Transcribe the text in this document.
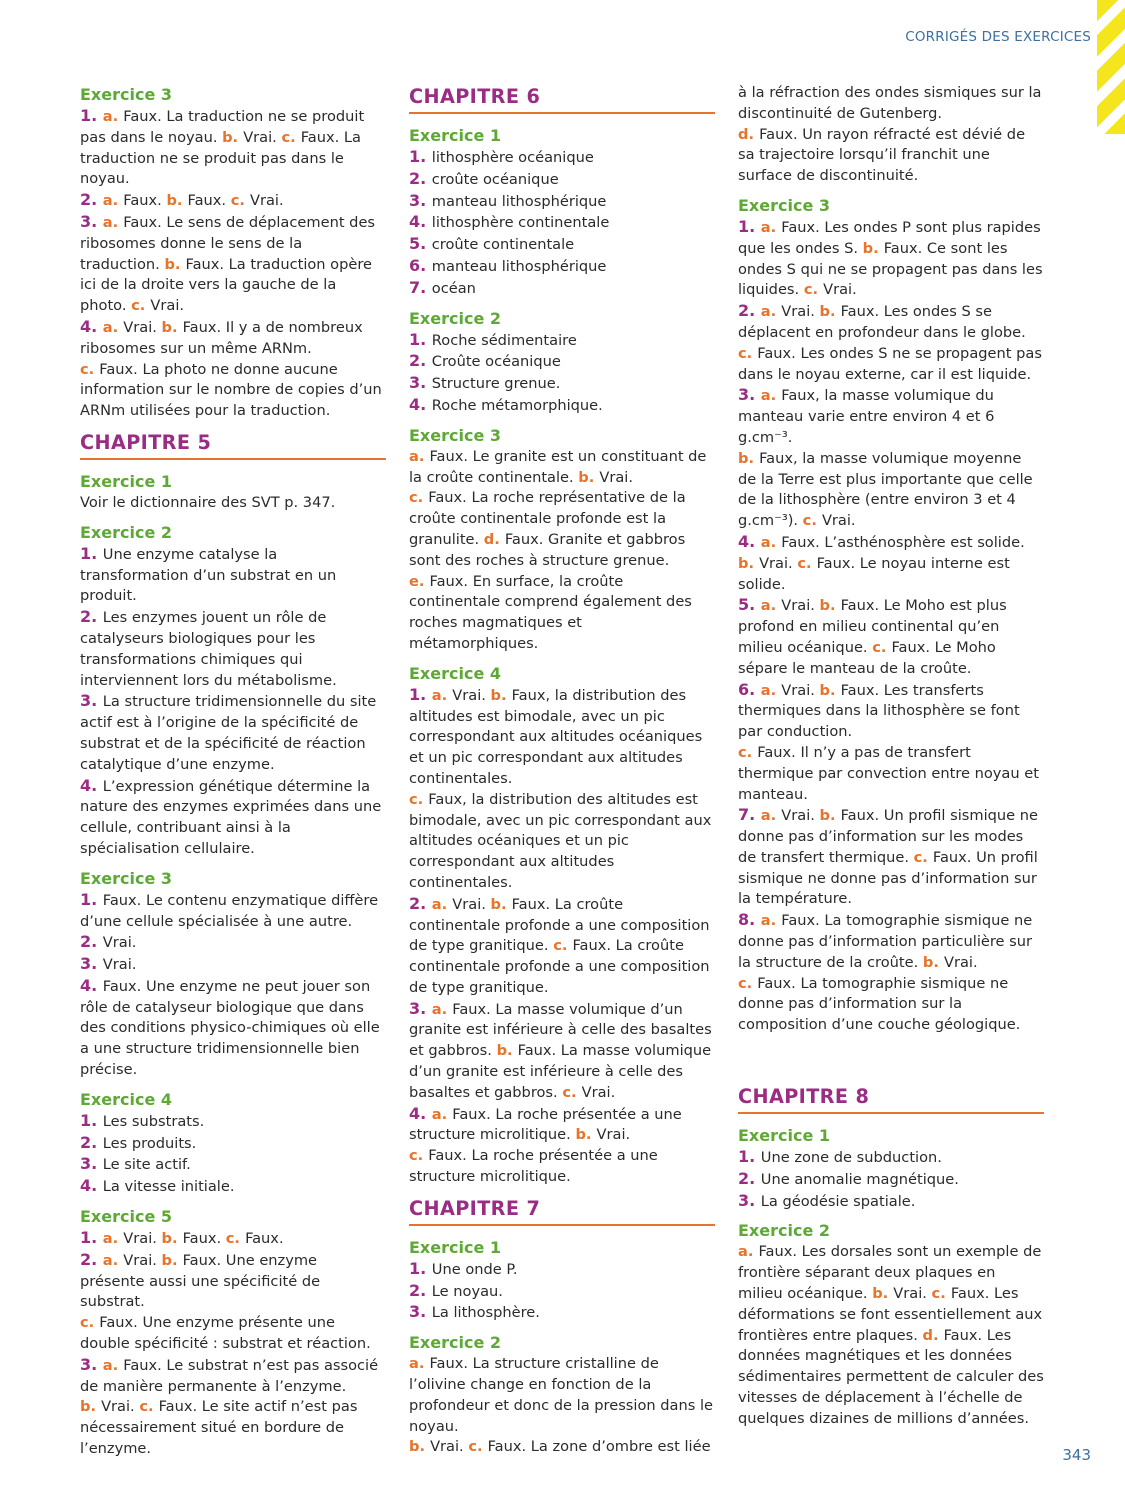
CORRIGÉS DES EXERCICES
Exercice 3
1. a. Faux. La traduction ne se produit pas dans le noyau. b. Vrai. c. Faux. La traduction ne se produit pas dans le noyau.
2. a. Faux. b. Faux. c. Vrai.
3. a. Faux. Le sens de déplacement des ribosomes donne le sens de la traduction. b. Faux. La traduction opère ici de la droite vers la gauche de la photo. c. Vrai.
4. a. Vrai. b. Faux. Il y a de nombreux ribosomes sur un même ARNm.
c. Faux. La photo ne donne aucune information sur le nombre de copies d’un ARNm utilisées pour la traduction.
CHAPITRE 5
Exercice 1
Voir le dictionnaire des SVT p. 347.
Exercice 2
1. Une enzyme catalyse la transformation d’un substrat en un produit.
2. Les enzymes jouent un rôle de catalyseurs biologiques pour les transformations chimiques qui interviennent lors du métabolisme.
3. La structure tridimensionnelle du site actif est à l’origine de la spécificité de substrat et de la spécificité de réaction catalytique d’une enzyme.
4. L’expression génétique détermine la nature des enzymes exprimées dans une cellule, contribuant ainsi à la spécialisation cellulaire.
Exercice 3
1. Faux. Le contenu enzymatique diffère d’une cellule spécialisée à une autre.
2. Vrai.
3. Vrai.
4. Faux. Une enzyme ne peut jouer son rôle de catalyseur biologique que dans des conditions physico-chimiques où elle a une structure tridimensionnelle bien précise.
Exercice 4
1. Les substrats.
2. Les produits.
3. Le site actif.
4. La vitesse initiale.
Exercice 5
1. a. Vrai. b. Faux. c. Faux.
2. a. Vrai. b. Faux. Une enzyme présente aussi une spécificité de substrat.
c. Faux. Une enzyme présente une double spécificité : substrat et réaction.
3. a. Faux. Le substrat n’est pas associé de manière permanente à l’enzyme.
b. Vrai. c. Faux. Le site actif n’est pas nécessairement situé en bordure de l’enzyme.
CHAPITRE 6
Exercice 1
1. lithosphère océanique
2. croûte océanique
3. manteau lithosphérique
4. lithosphère continentale
5. croûte continentale
6. manteau lithosphérique
7. océan
Exercice 2
1. Roche sédimentaire
2. Croûte océanique
3. Structure grenue.
4. Roche métamorphique.
Exercice 3
a. Faux. Le granite est un constituant de la croûte continentale. b. Vrai.
c. Faux. La roche représentative de la croûte continentale profonde est la granulite. d. Faux. Granite et gabbros sont des roches à structure grenue.
e. Faux. En surface, la croûte continentale comprend également des roches magmatiques et métamorphiques.
Exercice 4
1. a. Vrai. b. Faux, la distribution des altitudes est bimodale, avec un pic correspondant aux altitudes océaniques et un pic correspondant aux altitudes continentales.
c. Faux, la distribution des altitudes est bimodale, avec un pic correspondant aux altitudes océaniques et un pic correspondant aux altitudes continentales.
2. a. Vrai. b. Faux. La croûte continentale profonde a une composition de type granitique. c. Faux. La croûte continentale profonde a une composition de type granitique.
3. a. Faux. La masse volumique d’un granite est inférieure à celle des basaltes et gabbros. b. Faux. La masse volumique d’un granite est inférieure à celle des basaltes et gabbros. c. Vrai.
4. a. Faux. La roche présentée a une structure microlitique. b. Vrai.
c. Faux. La roche présentée a une structure microlitique.
CHAPITRE 7
Exercice 1
1. Une onde P.
2. Le noyau.
3. La lithosphère.
Exercice 2
a. Faux. La structure cristalline de l’olivine change en fonction de la profondeur et donc de la pression dans le noyau.
b. Vrai. c. Faux. La zone d’ombre est liée
à la réfraction des ondes sismiques sur la discontinuité de Gutenberg.
d. Faux. Un rayon réfracté est dévié de sa trajectoire lorsqu’il franchit une surface de discontinuité.
Exercice 3
1. a. Faux. Les ondes P sont plus rapides que les ondes S. b. Faux. Ce sont les ondes S qui ne se propagent pas dans les liquides. c. Vrai.
2. a. Vrai. b. Faux. Les ondes S se déplacent en profondeur dans le globe.
c. Faux. Les ondes S ne se propagent pas dans le noyau externe, car il est liquide.
3. a. Faux, la masse volumique du manteau varie entre environ 4 et 6 g.cm⁻³.
b. Faux, la masse volumique moyenne de la Terre est plus importante que celle de la lithosphère (entre environ 3 et 4 g.cm⁻³). c. Vrai.
4. a. Faux. L’asthénosphère est solide.
b. Vrai. c. Faux. Le noyau interne est solide.
5. a. Vrai. b. Faux. Le Moho est plus profond en milieu continental qu’en milieu océanique. c. Faux. Le Moho sépare le manteau de la croûte.
6. a. Vrai. b. Faux. Les transferts thermiques dans la lithosphère se font par conduction.
c. Faux. Il n’y a pas de transfert thermique par convection entre noyau et manteau.
7. a. Vrai. b. Faux. Un profil sismique ne donne pas d’information sur les modes de transfert thermique. c. Faux. Un profil sismique ne donne pas d’information sur la température.
8. a. Faux. La tomographie sismique ne donne pas d’information particulière sur la structure de la croûte. b. Vrai.
c. Faux. La tomographie sismique ne donne pas d’information sur la composition d’une couche géologique.
CHAPITRE 8
Exercice 1
1. Une zone de subduction.
2. Une anomalie magnétique.
3. La géodésie spatiale.
Exercice 2
a. Faux. Les dorsales sont un exemple de frontière séparant deux plaques en milieu océanique. b. Vrai. c. Faux. Les déformations se font essentiellement aux frontières entre plaques. d. Faux. Les données magnétiques et les données sédimentaires permettent de calculer des vitesses de déplacement à l’échelle de quelques dizaines de millions d’années.
343
